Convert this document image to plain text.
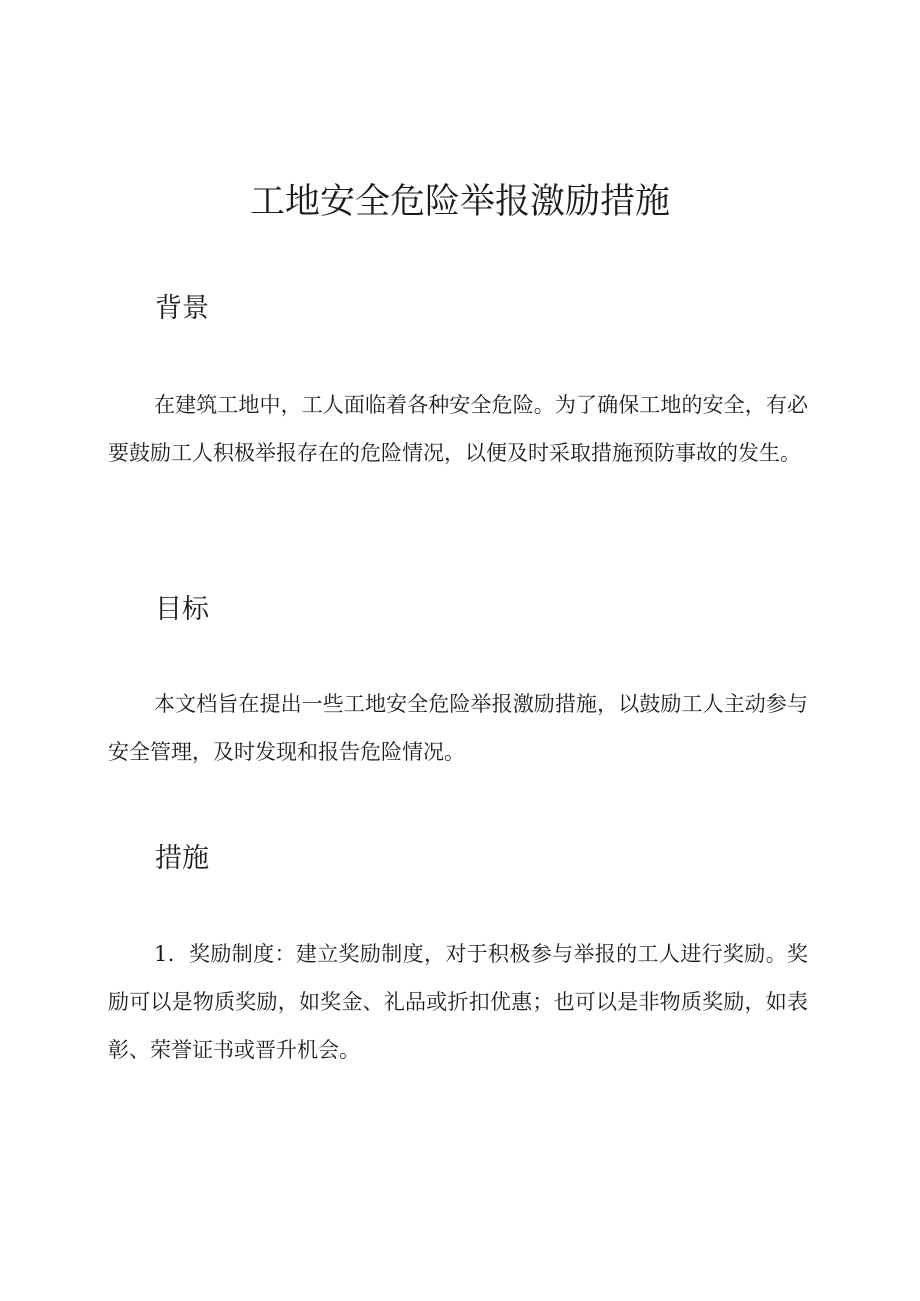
工地安全危险举报激励措施
背景

在建筑工地中，工人面临着各种安全危险。为了确保工地的安全，有必要鼓励工人积极举报存在的危险情况，以便及时采取措施预防事故的发生。

目标

本文档旨在提出一些工地安全危险举报激励措施，以鼓励工人主动参与安全管理，及时发现和报告危险情况。

措施

1．奖励制度：建立奖励制度，对于积极参与举报的工人进行奖励。奖励可以是物质奖励，如奖金、礼品或折扣优惠；也可以是非物质奖励，如表彰、荣誉证书或晋升机会。
